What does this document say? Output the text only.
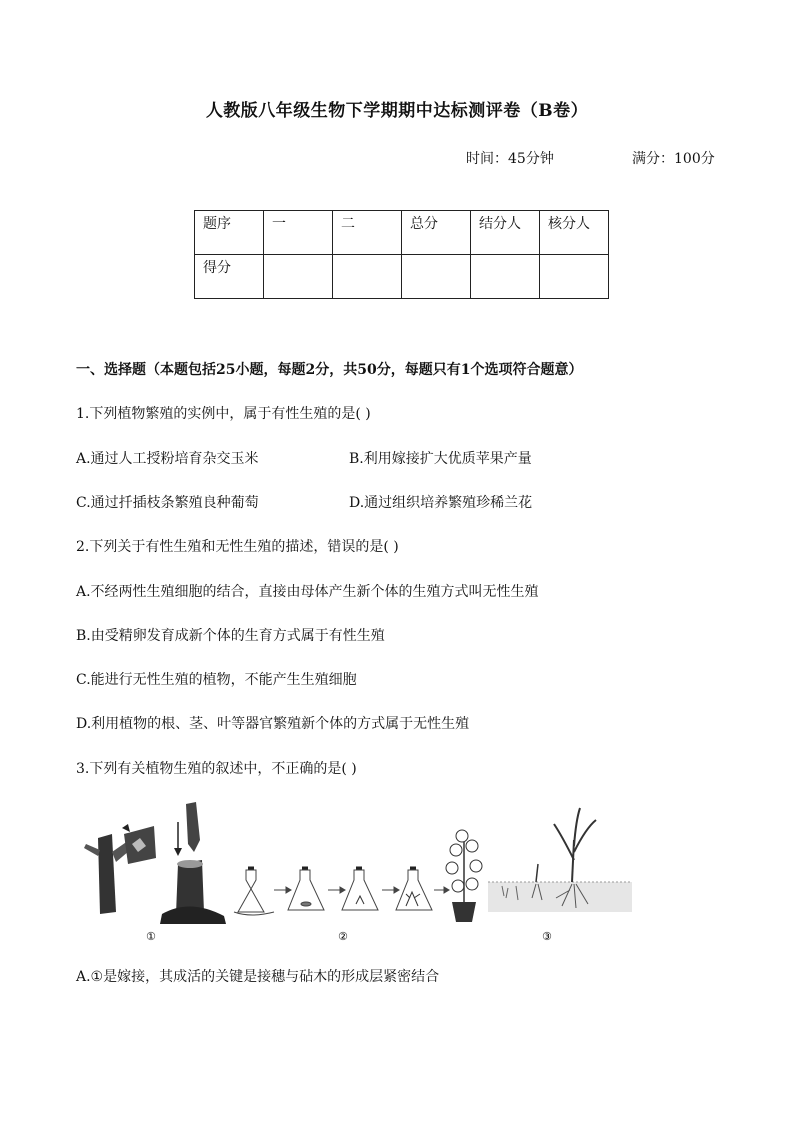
人教版八年级生物下学期期中达标测评卷（B卷）
时间：45分钟	满分：100分
题序	一	二	总分	结分人	核分人
得分					
一、选择题（本题包括25小题，每题2分，共50分，每题只有1个选项符合题意）
1.下列植物繁殖的实例中，属于有性生殖的是( )
A.通过人工授粉培育杂交玉米	B.利用嫁接扩大优质苹果产量
C.通过扦插枝条繁殖良种葡萄	D.通过组织培养繁殖珍稀兰花
2.下列关于有性生殖和无性生殖的描述，错误的是( )
A.不经两性生殖细胞的结合，直接由母体产生新个体的生殖方式叫无性生殖
B.由受精卵发育成新个体的生育方式属于有性生殖
C.能进行无性生殖的植物，不能产生生殖细胞
D.利用植物的根、茎、叶等器官繁殖新个体的方式属于无性生殖
3.下列有关植物生殖的叙述中，不正确的是( )
①	②	③
A.①是嫁接，其成活的关键是接穗与砧木的形成层紧密结合
